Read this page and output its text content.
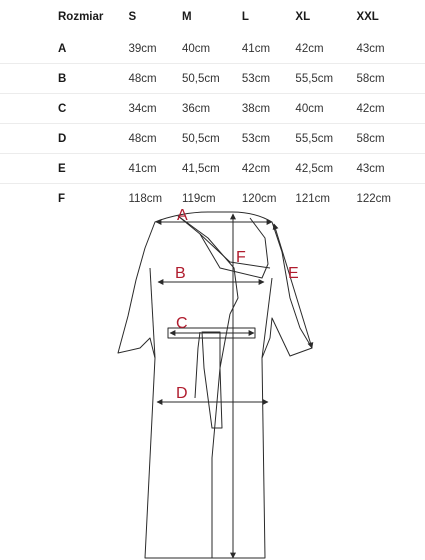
Rozmiar	S	M	L	XL	XXL
A	39cm	40cm	41cm	42cm	43cm
B	48cm	50,5cm	53cm	55,5cm	58cm
C	34cm	36cm	38cm	40cm	42cm
D	48cm	50,5cm	53cm	55,5cm	58cm
E	41cm	41,5cm	42cm	42,5cm	43cm
F	118cm	119cm	120cm	121cm	122cm
A
B
C
D
E
F
